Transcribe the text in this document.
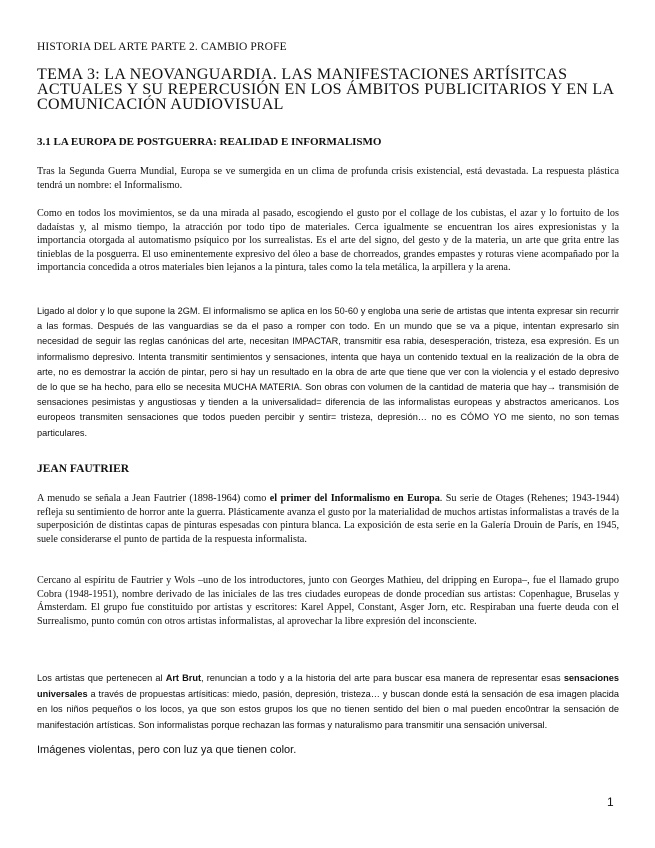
HISTORIA DEL ARTE PARTE 2. CAMBIO PROFE
TEMA 3: LA NEOVANGUARDIA. LAS MANIFESTACIONES ARTÍSITCAS ACTUALES Y SU REPERCUSIÓN EN LOS ÁMBITOS PUBLICITARIOS Y EN LA COMUNICACIÓN AUDIOVISUAL
3.1 LA EUROPA DE POSTGUERRA: REALIDAD E INFORMALISMO

Tras la Segunda Guerra Mundial, Europa se ve sumergida en un clima de profunda crisis existencial, está devastada. La respuesta plástica tendrá un nombre: el Informalismo.

Como en todos los movimientos, se da una mirada al pasado, escogiendo el gusto por el collage de los cubistas, el azar y lo fortuito de los dadaístas y, al mismo tiempo, la atracción por todo tipo de materiales. Cerca igualmente se encuentran los aires expresionistas y la importancia otorgada al automatismo psíquico por los surrealistas. Es el arte del signo, del gesto y de la materia, un arte que grita entre las tinieblas de la posguerra. El uso eminentemente expresivo del óleo a base de chorreados, grandes empastes y roturas viene acompañado por la importancia concedida a otros materiales bien lejanos a la pintura, tales como la tela metálica, la arpillera y la arena.

Ligado al dolor y lo que supone la 2GM. El informalismo se aplica en los 50-60 y engloba una serie de artistas que intenta expresar sin recurrir a las formas. Después de las vanguardias se da el paso a romper con todo. En un mundo que se va a pique, intentan expresarlo sin necesidad de seguir las reglas canónicas del arte, necesitan IMPACTAR, transmitir esa rabia, desesperación, tristeza, esa expresión. Es un informalismo depresivo. Intenta transmitir sentimientos y sensaciones, intenta que haya un contenido textual en la realización de la obra de arte, no es demostrar la acción de pintar, pero si hay un resultado en la obra de arte que tiene que ver con la violencia y el estado depresivo de lo que se ha hecho, para ello se necesita MUCHA MATERIA. Son obras con volumen de la cantidad de materia que hay→ transmisión de sensaciones pesimistas y angustiosas y tienden a la universalidad= diferencia de las informalistas europeas y abstractos americanos. Los europeos transmiten sensaciones que todos pueden percibir y sentir= tristeza, depresión… no es CÓMO YO me siento, no son temas particulares.

JEAN FAUTRIER

A menudo se señala a Jean Fautrier (1898-1964) como el primer del Informalismo en Europa. Su serie de Otages (Rehenes; 1943-1944) refleja su sentimiento de horror ante la guerra. Plásticamente avanza el gusto por la materialidad de muchos artistas informalistas a través de la superposición de distintas capas de pinturas espesadas con pintura blanca. La exposición de esta serie en la Galería Drouin de París, en 1945, suele considerarse el punto de partida de la respuesta informalista.

Cercano al espíritu de Fautrier y Wols –uno de los introductores, junto con Georges Mathieu, del dripping en Europa–, fue el llamado grupo Cobra (1948-1951), nombre derivado de las iniciales de las tres ciudades europeas de donde procedían sus artistas: Copenhague, Bruselas y Ámsterdam. El grupo fue constituido por artistas y escritores: Karel Appel, Constant, Asger Jorn, etc. Respiraban una fuerte deuda con el Surrealismo, punto común con otros artistas informalistas, al aprovechar la libre expresión del inconsciente.

Los artistas que pertenecen al Art Brut, renuncian a todo y a la historia del arte para buscar esa manera de representar esas sensaciones universales a través de propuestas artísiticas: miedo, pasión, depresión, tristeza… y buscan donde está la sensación de esa imagen placida en los niños pequeños o los locos, ya que son estos grupos los que no tienen sentido del bien o mal pueden enco0ntrar la sensación de manifestación artísticas. Son informalistas porque rechazan las formas y naturalismo para transmitir una sensación universal.

Imágenes violentas, pero con luz ya que tienen color.

1
